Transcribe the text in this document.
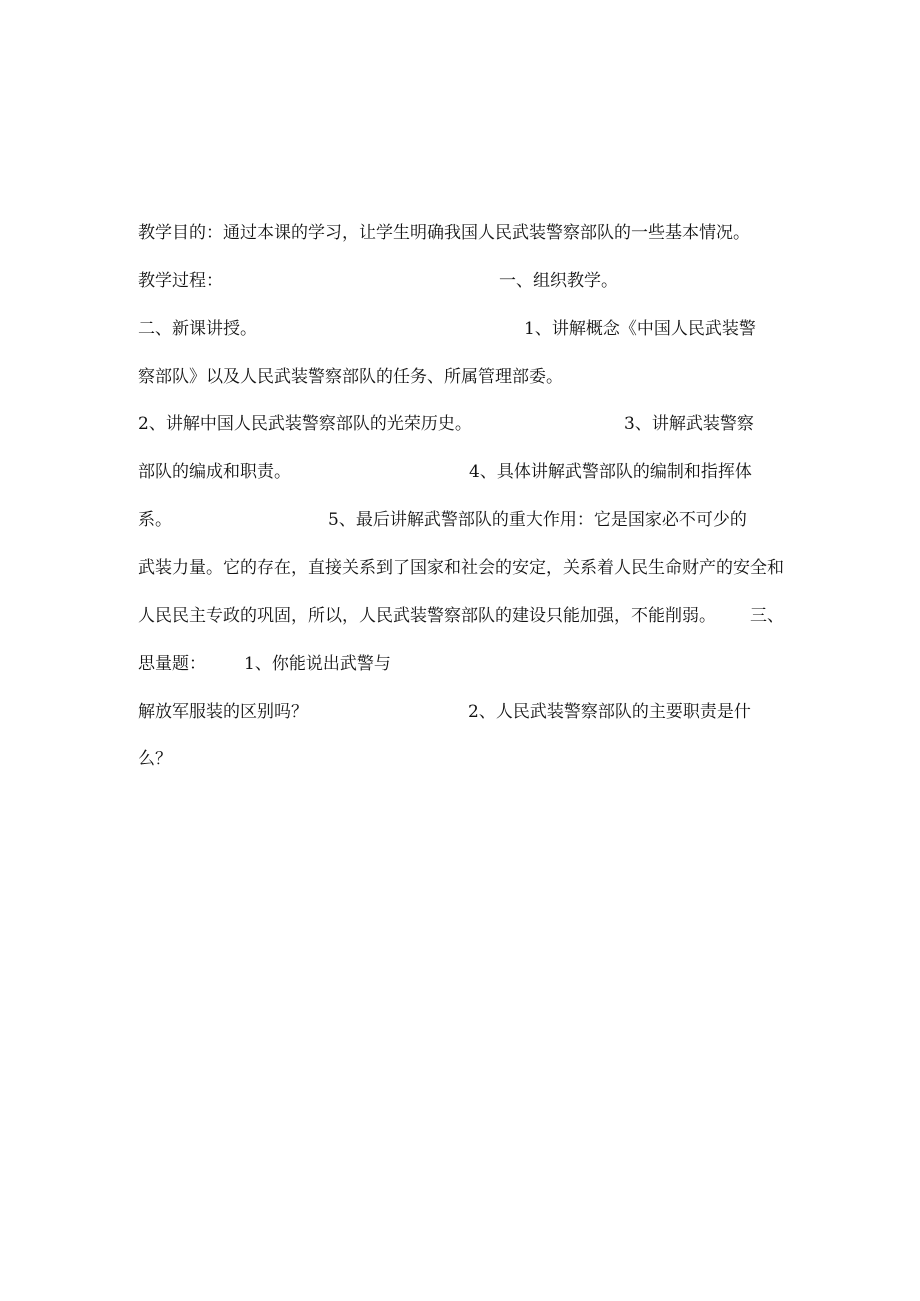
教学目的：通过本课的学习，让学生明确我国人民武装警察部队的一些基本情况。
教学过程：	一、组织教学。
二、新课讲授。	1、讲解概念《中国人民武装警
察部队》以及人民武装警察部队的任务、所属管理部委。
2、讲解中国人民武装警察部队的光荣历史。	3、讲解武装警察
部队的编成和职责。	4、具体讲解武警部队的编制和指挥体
系。	5、最后讲解武警部队的重大作用：它是国家必不可少的
武装力量。它的存在，直接关系到了国家和社会的安定，关系着人民生命财产的安全和
人民民主专政的巩固，所以，人民武装警察部队的建设只能加强，不能削弱。 三、
思量题： 1、你能说出武警与
解放军服装的区别吗？	2、人民武装警察部队的主要职责是什
么？
